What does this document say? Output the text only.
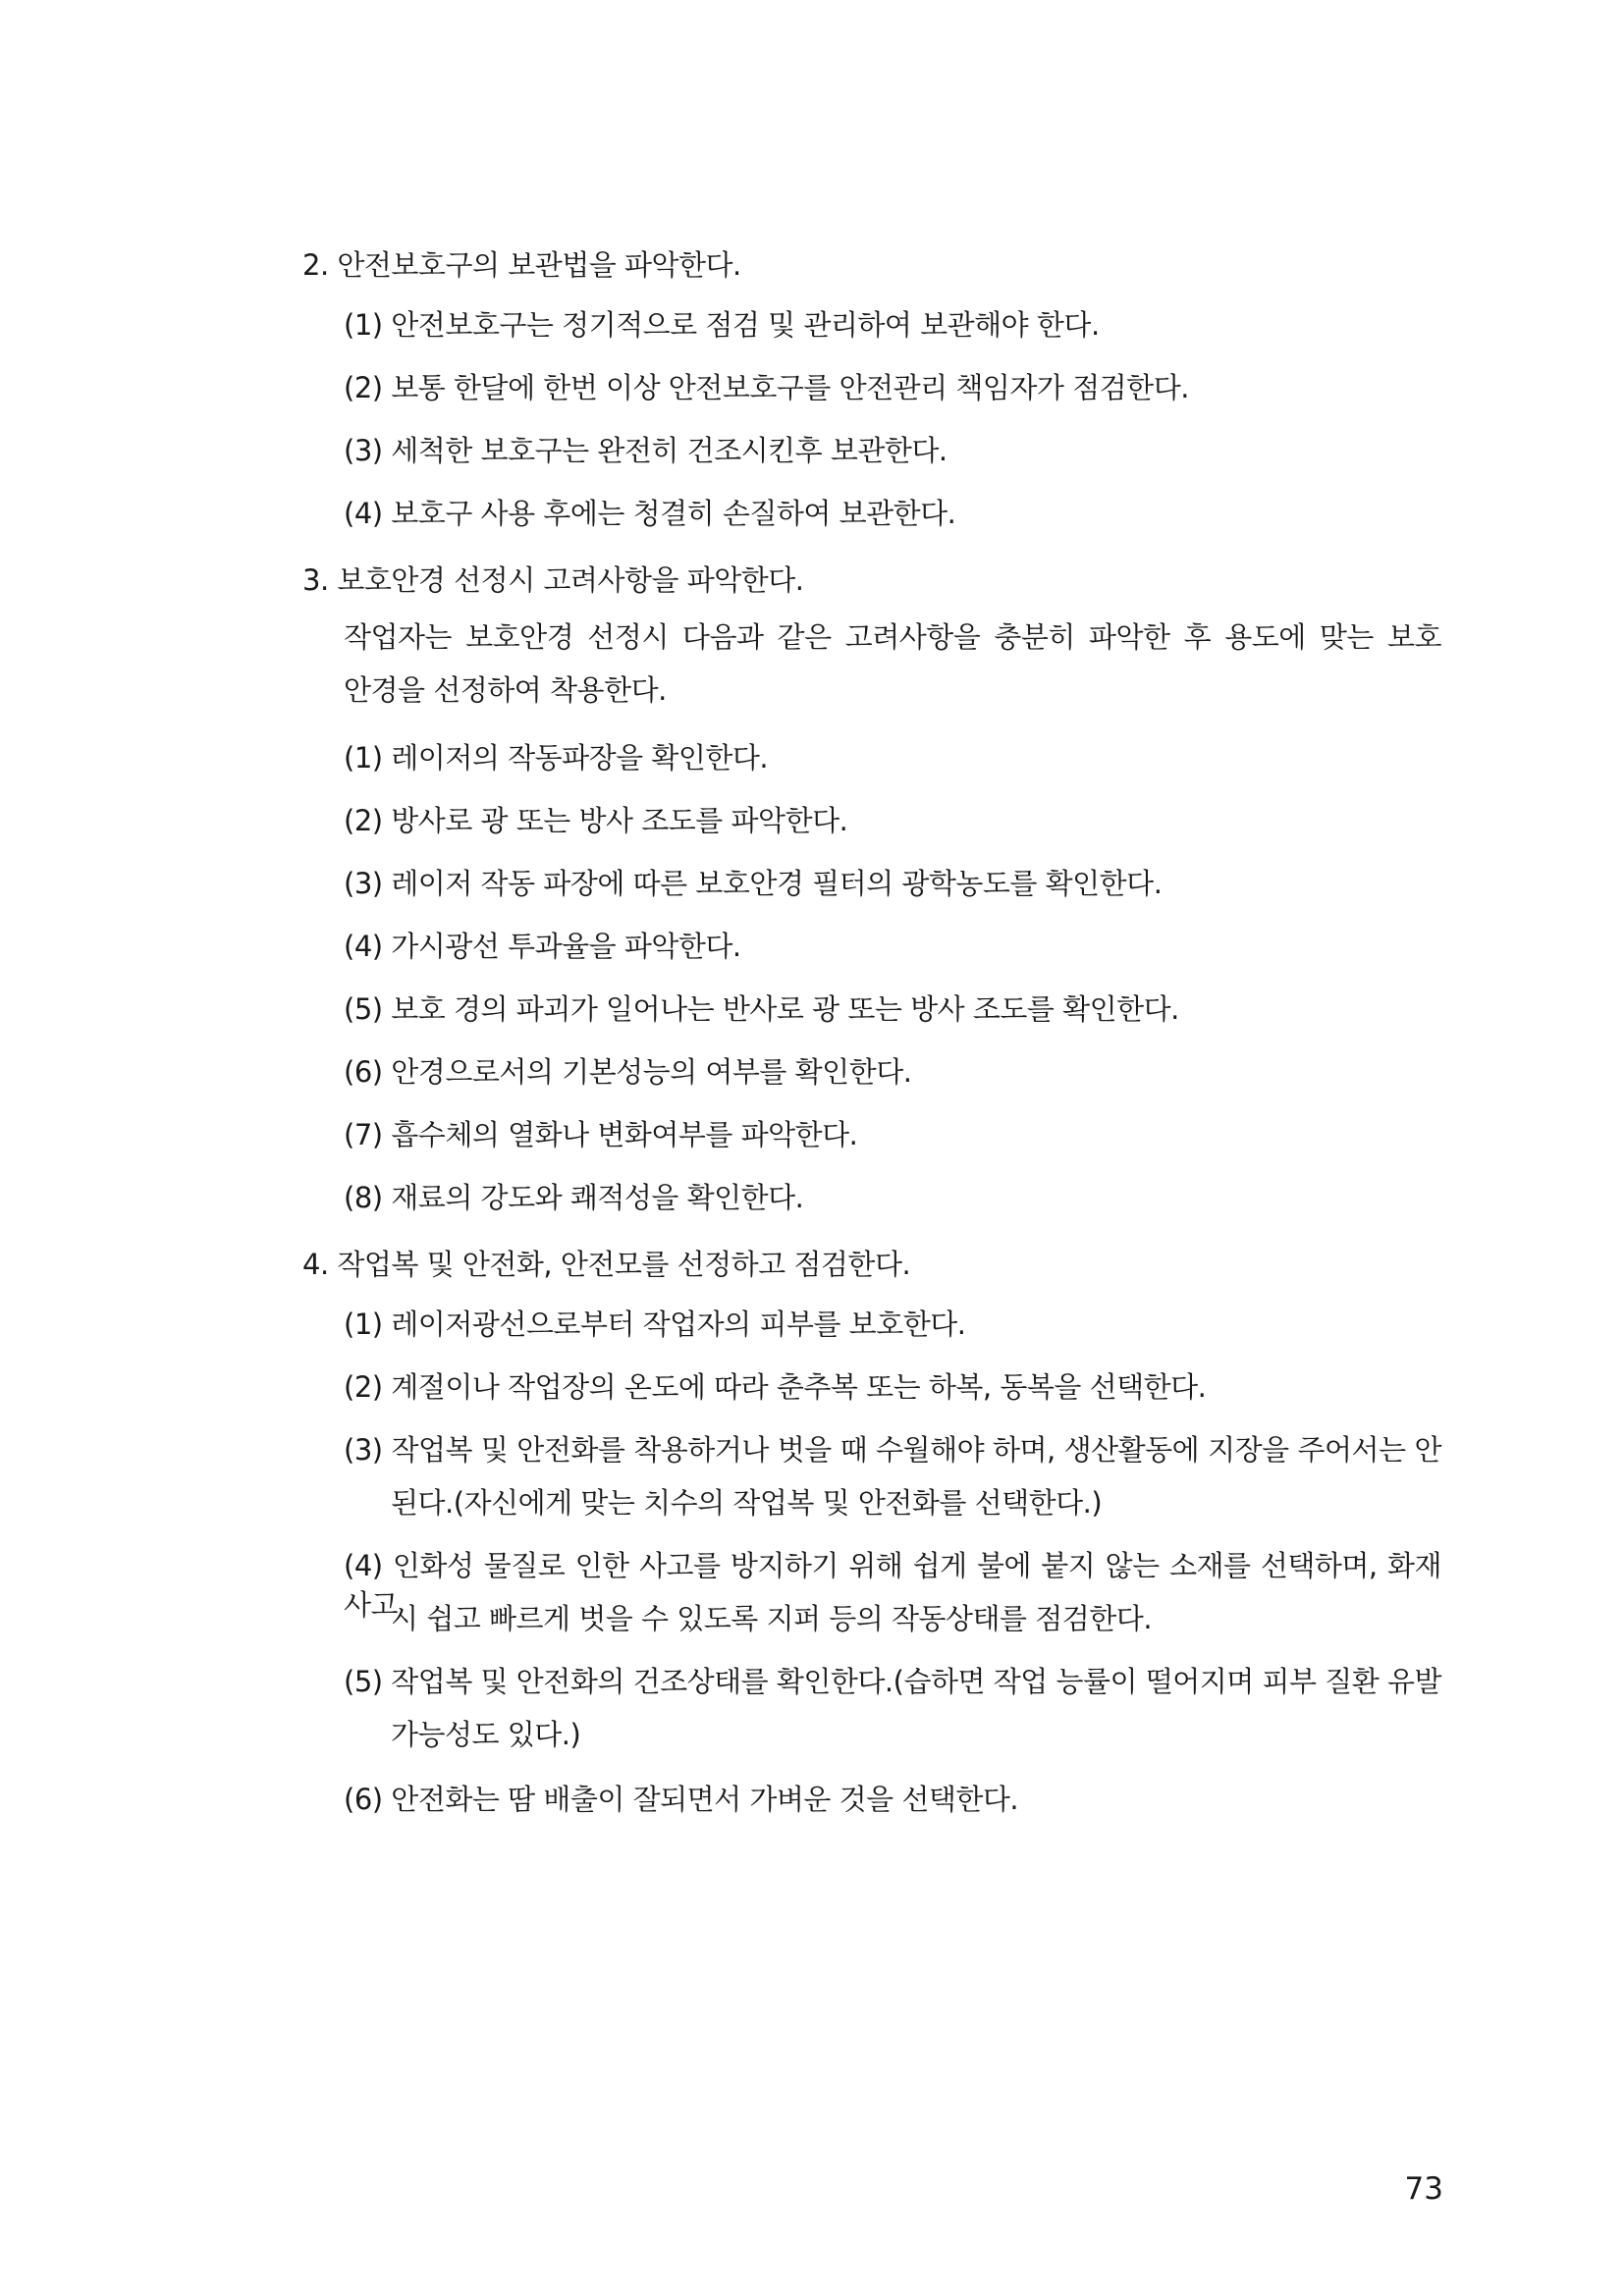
2. 안전보호구의 보관법을 파악한다.
(1) 안전보호구는 정기적으로 점검 및 관리하여 보관해야 한다.
(2) 보통 한달에 한번 이상 안전보호구를 안전관리 책임자가 점검한다.
(3) 세척한 보호구는 완전히 건조시킨후 보관한다.
(4) 보호구 사용 후에는 청결히 손질하여 보관한다.
3. 보호안경 선정시 고려사항을 파악한다.
작업자는 보호안경 선정시 다음과 같은 고려사항을 충분히 파악한 후 용도에 맞는 보호
안경을 선정하여 착용한다.
(1) 레이저의 작동파장을 확인한다.
(2) 방사로 광 또는 방사 조도를 파악한다.
(3) 레이저 작동 파장에 따른 보호안경 필터의 광학농도를 확인한다.
(4) 가시광선 투과율을 파악한다.
(5) 보호 경의 파괴가 일어나는 반사로 광 또는 방사 조도를 확인한다.
(6) 안경으로서의 기본성능의 여부를 확인한다.
(7) 흡수체의 열화나 변화여부를 파악한다.
(8) 재료의 강도와 쾌적성을 확인한다.
4. 작업복 및 안전화, 안전모를 선정하고 점검한다.
(1) 레이저광선으로부터 작업자의 피부를 보호한다.
(2) 계절이나 작업장의 온도에 따라 춘추복 또는 하복, 동복을 선택한다.
(3) 작업복 및 안전화를 착용하거나 벗을 때 수월해야 하며, 생산활동에 지장을 주어서는 안
된다.(자신에게 맞는 치수의 작업복 및 안전화를 선택한다.)
(4) 인화성 물질로 인한 사고를 방지하기 위해 쉽게 불에 붙지 않는 소재를 선택하며, 화재사고
시 쉽고 빠르게 벗을 수 있도록 지퍼 등의 작동상태를 점검한다.
(5) 작업복 및 안전화의 건조상태를 확인한다.(습하면 작업 능률이 떨어지며 피부 질환 유발
가능성도 있다.)
(6) 안전화는 땀 배출이 잘되면서 가벼운 것을 선택한다.
73
